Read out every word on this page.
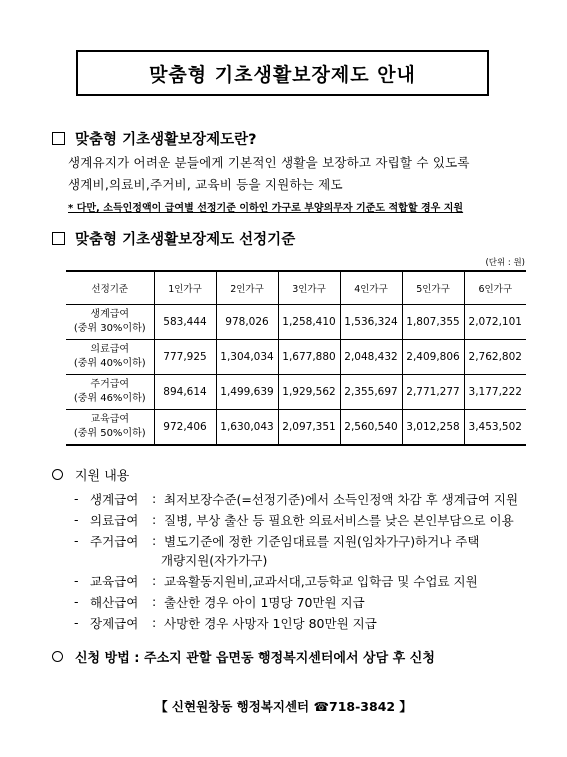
맞춤형 기초생활보장제도 안내
맞춤형 기초생활보장제도란?
생계유지가 어려운 분들에게 기본적인 생활을 보장하고 자립할 수 있도록
생계비,의료비,주거비, 교육비 등을 지원하는 제도
* 다만, 소득인정액이 급여별 선정기준 이하인 가구로 부양의무자 기준도 적합할 경우 지원
맞춤형 기초생활보장제도 선정기준
(단위 : 원)
선정기준	1인가구	2인가구	3인가구	4인가구	5인가구	6인가구
생계급여
(중위 30%이하)	583,444	978,026	1,258,410	1,536,324	1,807,355	2,072,101
의료급여
(중위 40%이하)	777,925	1,304,034	1,677,880	2,048,432	2,409,806	2,762,802
주거급여
(중위 46%이하)	894,614	1,499,639	1,929,562	2,355,697	2,771,277	3,177,222
교육급여
(중위 50%이하)	972,406	1,630,043	2,097,351	2,560,540	3,012,258	3,453,502
지원 내용
- 생계급여	: 최저보장수준(=선정기준)에서 소득인정액 차감 후 생계급여 지원
- 의료급여	: 질병, 부상 출산 등 필요한 의료서비스를 낮은 본인부담으로 이용
- 주거급여	: 별도기준에 정한 기준임대료를 지원(임차가구)하거나 주택
개량지원(자가가구)
- 교육급여	: 교육활동지원비,교과서대,고등학교 입학금 및 수업료 지원
- 해산급여	: 출산한 경우 아이 1명당 70만원 지급
- 장제급여	: 사망한 경우 사망자 1인당 80만원 지급
신청 방법 : 주소지 관할 읍면동 행정복지센터에서 상담 후 신청
【 신현원창동 행정복지센터 ☎718-3842 】
